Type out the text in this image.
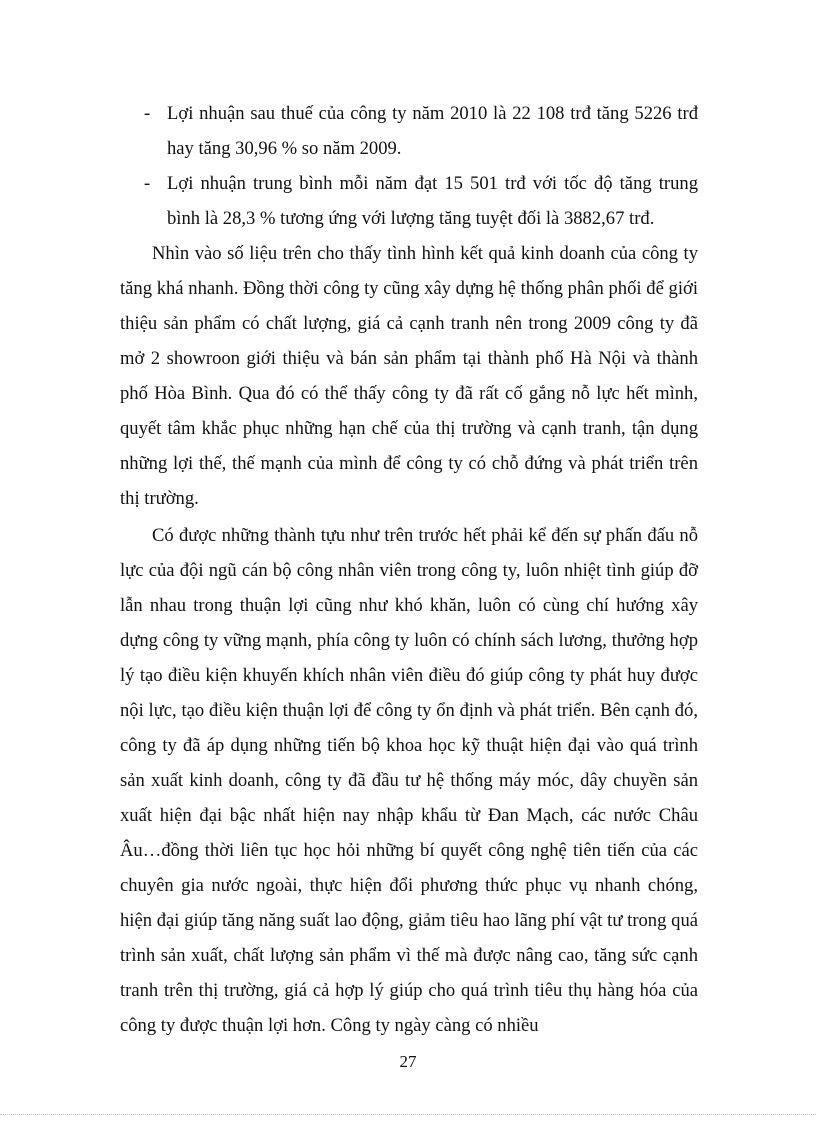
- Lợi nhuận sau thuế của công ty năm 2010 là 22 108 trđ tăng 5226 trđ hay tăng 30,96 % so năm 2009.

- Lợi nhuận trung bình mỗi năm đạt 15 501 trđ với tốc độ tăng trung bình là 28,3 % tương ứng với lượng tăng tuyệt đối là 3882,67 trđ.

Nhìn vào số liệu trên cho thấy tình hình kết quả kinh doanh của công ty tăng khá nhanh. Đồng thời công ty cũng xây dựng hệ thống phân phối để giới thiệu sản phẩm có chất lượng, giá cả cạnh tranh nên trong 2009 công ty đã mở 2 showroon giới thiệu và bán sản phẩm tại thành phố Hà Nội và thành phố Hòa Bình. Qua đó có thể thấy công ty đã rất cố gắng nỗ lực hết mình, quyết tâm khắc phục những hạn chế của thị trường và cạnh tranh, tận dụng những lợi thế, thế mạnh của mình để công ty có chỗ đứng và phát triển trên thị trường.

Có được những thành tựu như trên trước hết phải kể đến sự phấn đấu nỗ lực của đội ngũ cán bộ công nhân viên trong công ty, luôn nhiệt tình giúp đỡ lẫn nhau trong thuận lợi cũng như khó khăn, luôn có cùng chí hướng xây dựng công ty vững mạnh, phía công ty luôn có chính sách lương, thưởng hợp lý tạo điều kiện khuyến khích nhân viên điều đó giúp công ty phát huy được nội lực, tạo điều kiện thuận lợi để công ty ổn định và phát triển. Bên cạnh đó, công ty đã áp dụng những tiến bộ khoa học kỹ thuật hiện đại vào quá trình sản xuất kinh doanh, công ty đã đầu tư hệ thống máy móc, dây chuyền sản xuất hiện đại bậc nhất hiện nay nhập khẩu từ Đan Mạch, các nước Châu Âu…đồng thời liên tục học hỏi những bí quyết công nghệ tiên tiến của các chuyên gia nước ngoài, thực hiện đổi phương thức phục vụ nhanh chóng, hiện đại giúp tăng năng suất lao động, giảm tiêu hao lãng phí vật tư trong quá trình sản xuất, chất lượng sản phẩm vì thế mà được nâng cao, tăng sức cạnh tranh trên thị trường, giá cả hợp lý giúp cho quá trình tiêu thụ hàng hóa của công ty được thuận lợi hơn. Công ty ngày càng có nhiều

27
